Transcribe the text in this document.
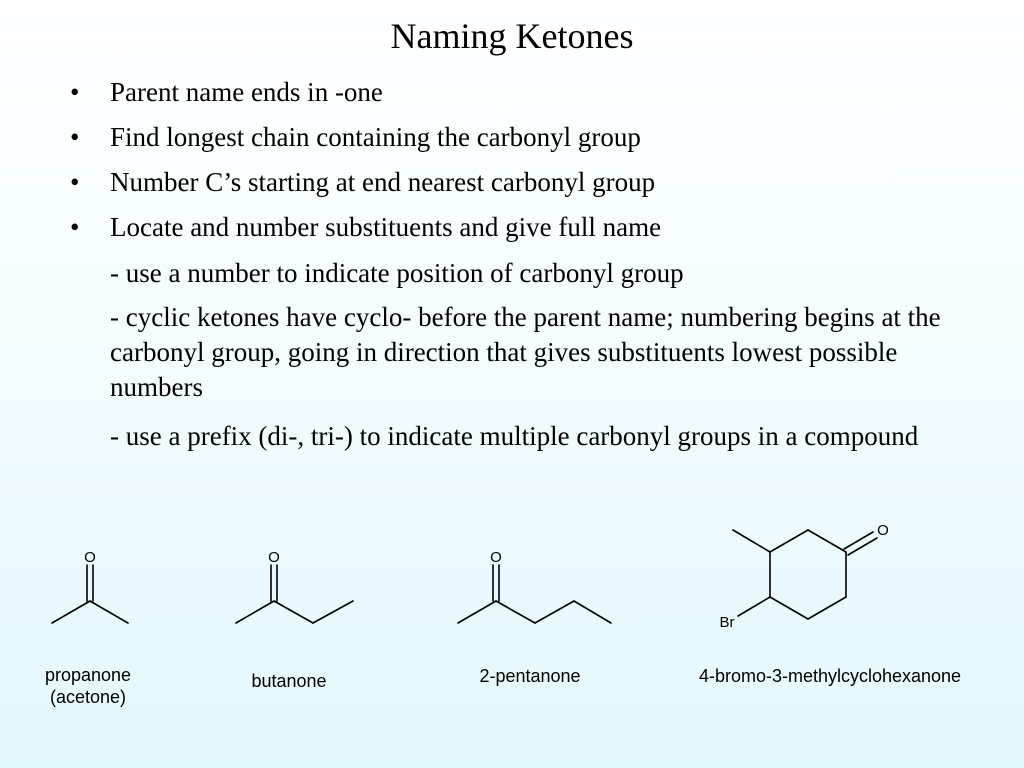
Naming Ketones
•	Parent name ends in -one
•	Find longest chain containing the carbonyl group
•	Number C’s starting at end nearest carbonyl group
•	Locate and number substituents and give full name
- use a number to indicate position of carbonyl group
- cyclic ketones have cyclo- before the parent name; numbering begins at the carbonyl group, going in direction that gives substituents lowest possible numbers
- use a prefix (di-, tri-) to indicate multiple carbonyl groups in a compound
O	O	O
O
Br
propanone
(acetone)
butanone	2-pentanone	4-bromo-3-methylcyclohexanone
